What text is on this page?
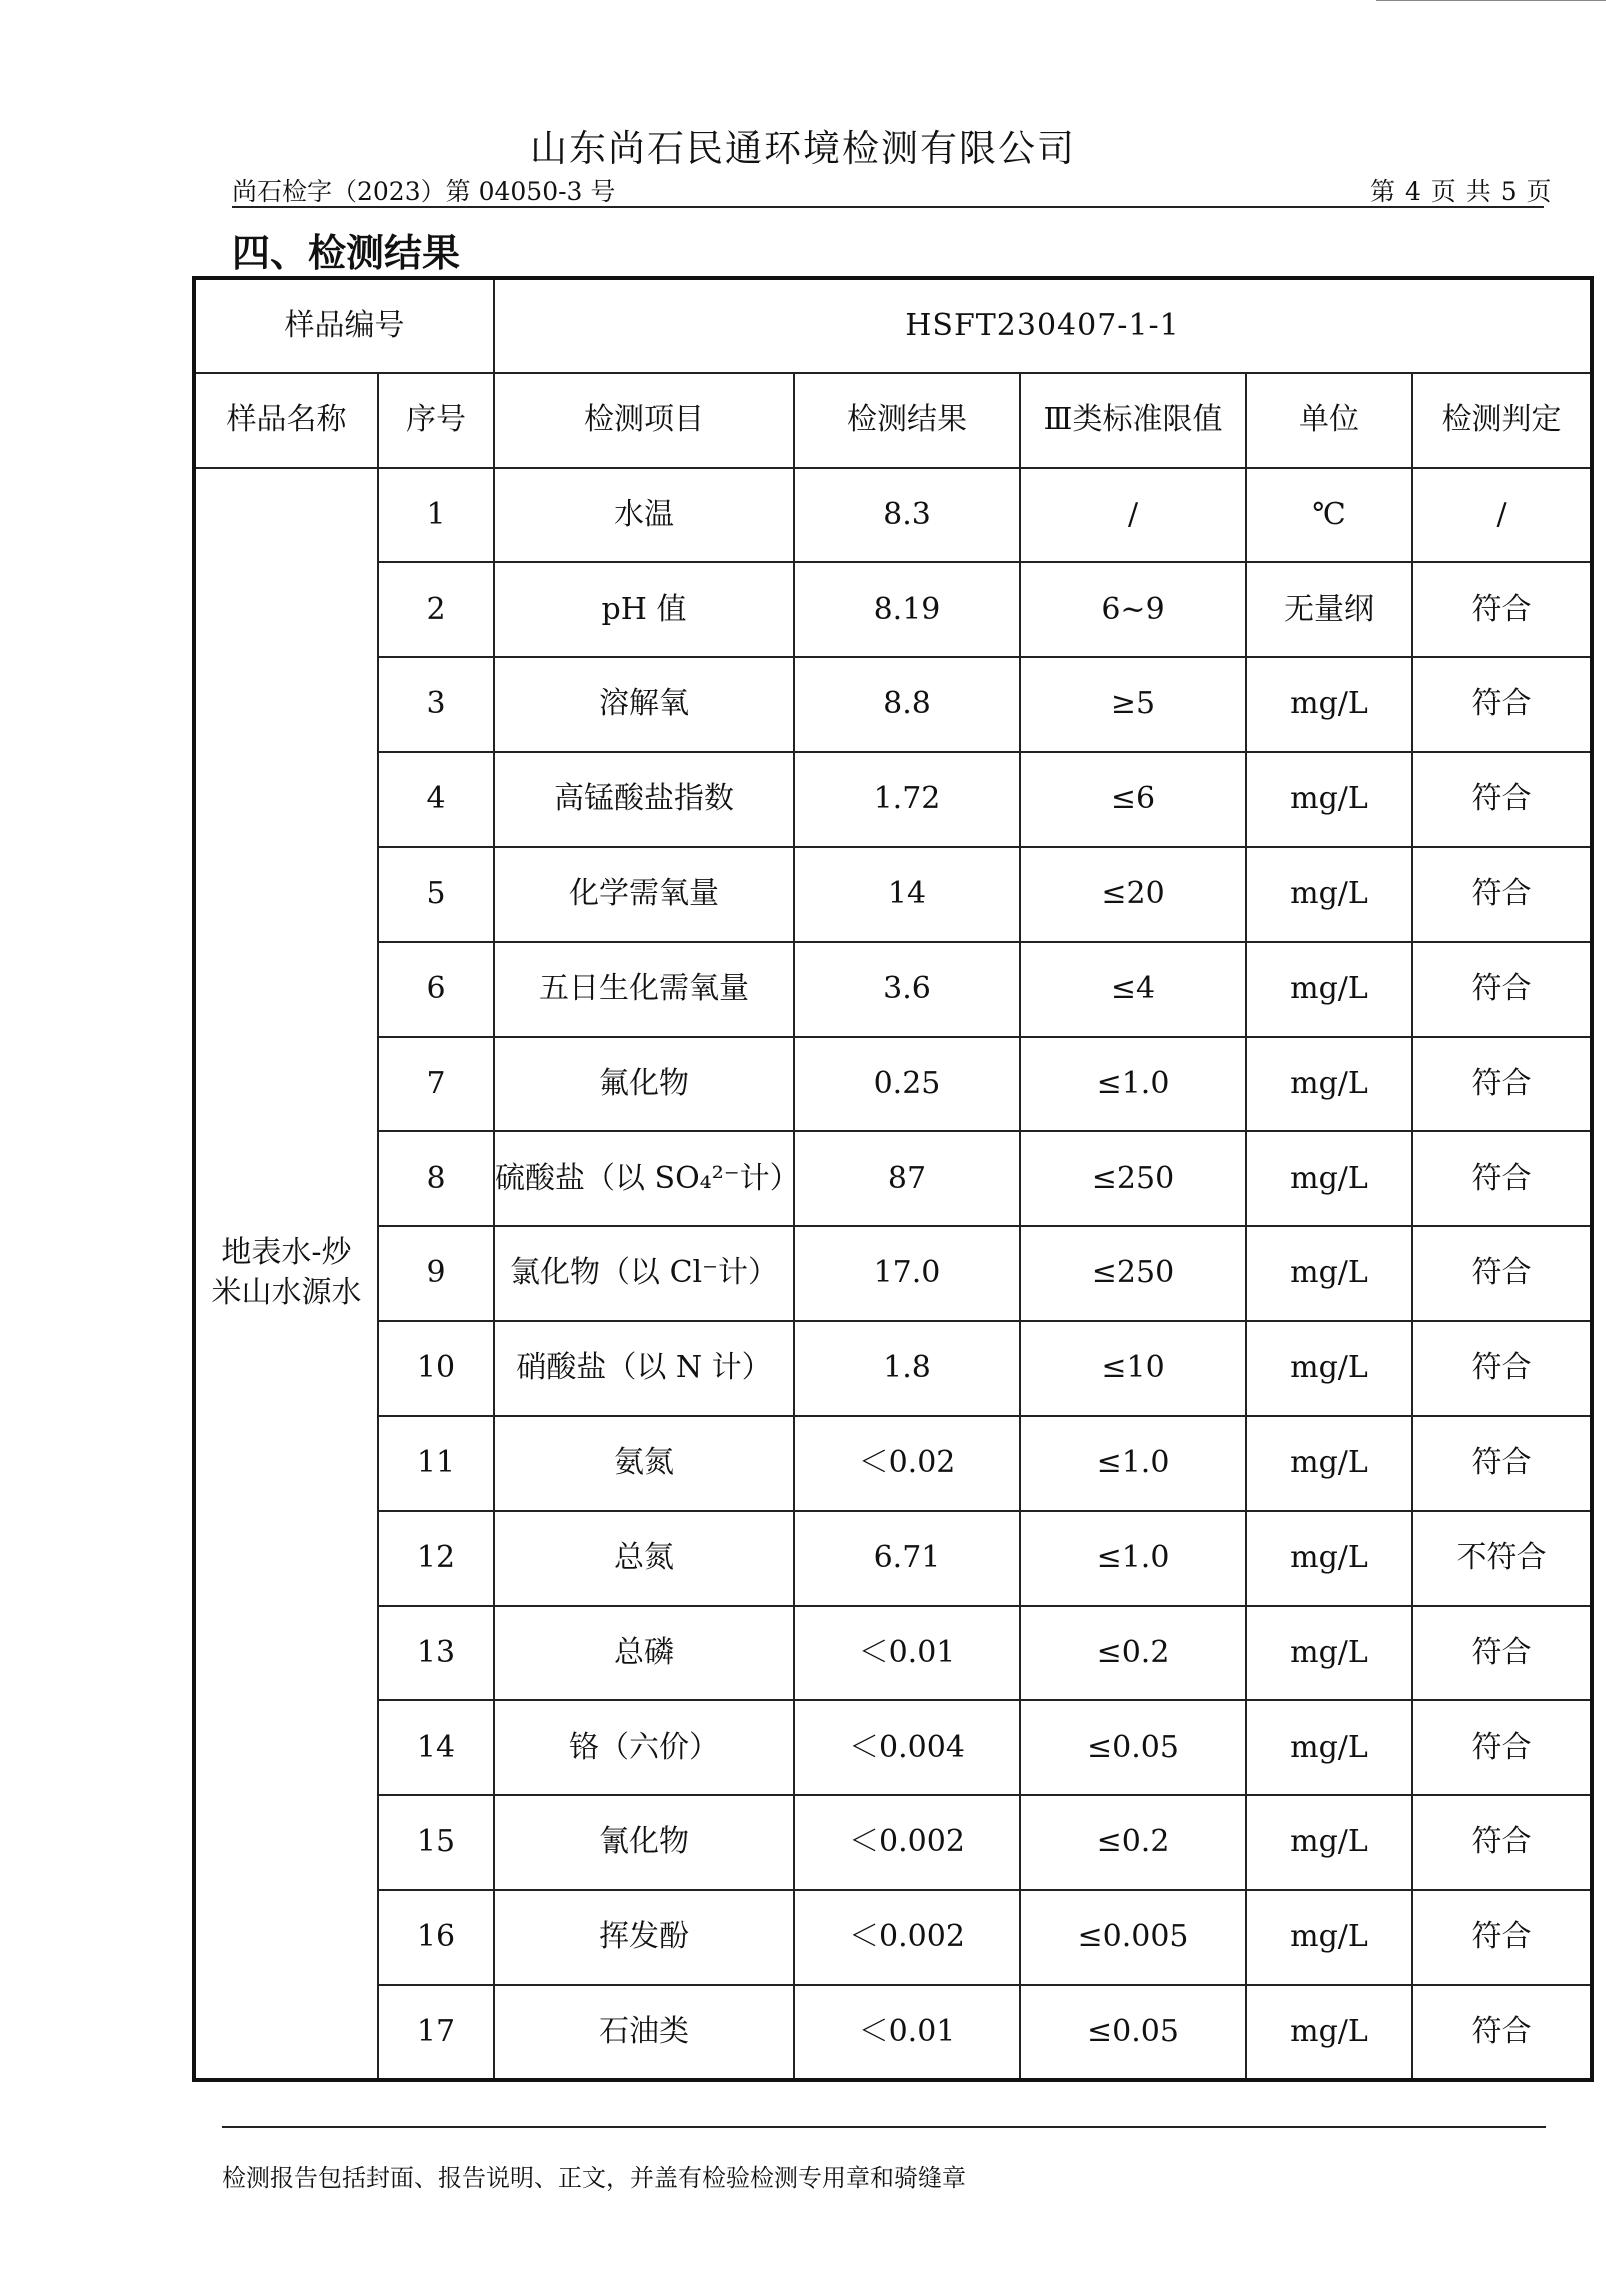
山东尚石民通环境检测有限公司
尚石检字（2023）第 04050-3 号	第 4 页 共 5 页
四、检测结果
样品编号		HSFT230407-1-1				
样品名称	序号	检测项目	检测结果	Ⅲ类标准限值	单位	检测判定
地表水-炒米山水源水	1	水温	8.3	/	℃	/
	2	pH 值	8.19	6~9	无量纲	符合
	3	溶解氧	8.8	≥5	mg/L	符合
	4	高锰酸盐指数	1.72	≤6	mg/L	符合
	5	化学需氧量	14	≤20	mg/L	符合
	6	五日生化需氧量	3.6	≤4	mg/L	符合
	7	氟化物	0.25	≤1.0	mg/L	符合
	8	硫酸盐（以 SO₄²⁻计）	87	≤250	mg/L	符合
	9	氯化物（以 Cl⁻计）	17.0	≤250	mg/L	符合
	10	硝酸盐（以 N 计）	1.8	≤10	mg/L	符合
	11	氨氮	＜0.02	≤1.0	mg/L	符合
	12	总氮	6.71	≤1.0	mg/L	不符合
	13	总磷	＜0.01	≤0.2	mg/L	符合
	14	铬（六价）	＜0.004	≤0.05	mg/L	符合
	15	氰化物	＜0.002	≤0.2	mg/L	符合
	16	挥发酚	＜0.002	≤0.005	mg/L	符合
	17	石油类	＜0.01	≤0.05	mg/L	符合
检测报告包括封面、报告说明、正文，并盖有检验检测专用章和骑缝章
